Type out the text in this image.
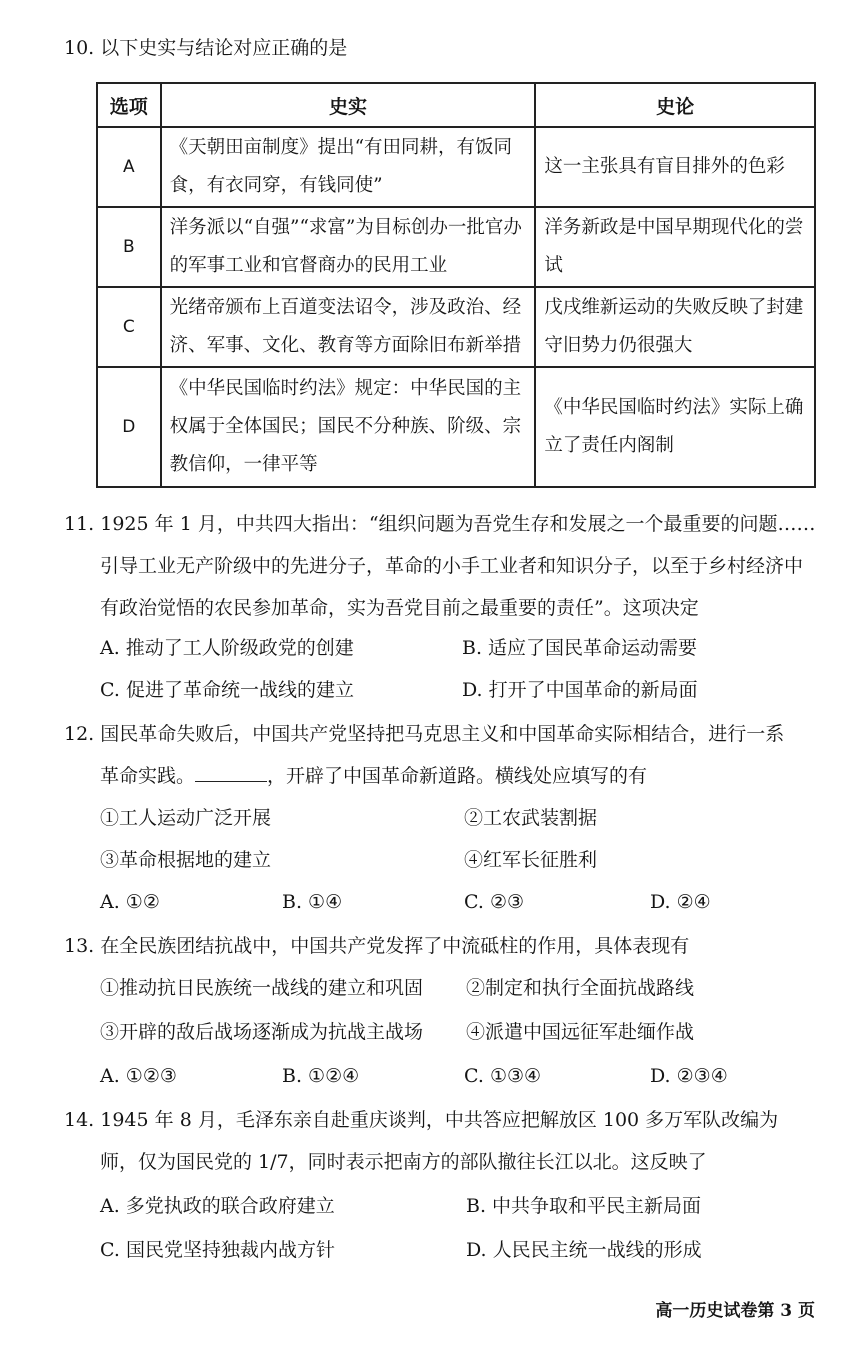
10. 以下史实与结论对应正确的是
选项	史实	史论
A	《天朝田亩制度》提出“有田同耕，有饭同食，有衣同穿，有钱同使”	这一主张具有盲目排外的色彩
B	洋务派以“自强”“求富”为目标创办一批官办的军事工业和官督商办的民用工业	洋务新政是中国早期现代化的尝试
C	光绪帝颁布上百道变法诏令，涉及政治、经济、军事、文化、教育等方面除旧布新举措	戊戌维新运动的失败反映了封建守旧势力仍很强大
D	《中华民国临时约法》规定：中华民国的主权属于全体国民；国民不分种族、阶级、宗教信仰，一律平等	《中华民国临时约法》实际上确立了责任内阁制
11. 1925 年 1 月，中共四大指出：“组织问题为吾党生存和发展之一个最重要的问题……
引导工业无产阶级中的先进分子，革命的小手工业者和知识分子，以至于乡村经济中
有政治觉悟的农民参加革命，实为吾党目前之最重要的责任”。这项决定
A. 推动了工人阶级政党的创建	B. 适应了国民革命运动需要
C. 促进了革命统一战线的建立	D. 打开了中国革命的新局面
12. 国民革命失败后，中国共产党坚持把马克思主义和中国革命实际相结合，进行一系
革命实践。	，开辟了中国革命新道路。横线处应填写的有
①工人运动广泛开展	②工农武装割据
③革命根据地的建立	④红军长征胜利
A. ①②	B. ①④	C. ②③	D. ②④
13. 在全民族团结抗战中，中国共产党发挥了中流砥柱的作用，具体表现有
①推动抗日民族统一战线的建立和巩固 ②制定和执行全面抗战路线
③开辟的敌后战场逐渐成为抗战主战场 ④派遣中国远征军赴缅作战
A. ①②③	B. ①②④	C. ①③④	D. ②③④
14. 1945 年 8 月，毛泽东亲自赴重庆谈判，中共答应把解放区 100 多万军队改编为
师，仅为国民党的 1/7，同时表示把南方的部队撤往长江以北。这反映了
A. 多党执政的联合政府建立	B. 中共争取和平民主新局面
C. 国民党坚持独裁内战方针	D. 人民民主统一战线的形成
高一历史试卷第 3 页
